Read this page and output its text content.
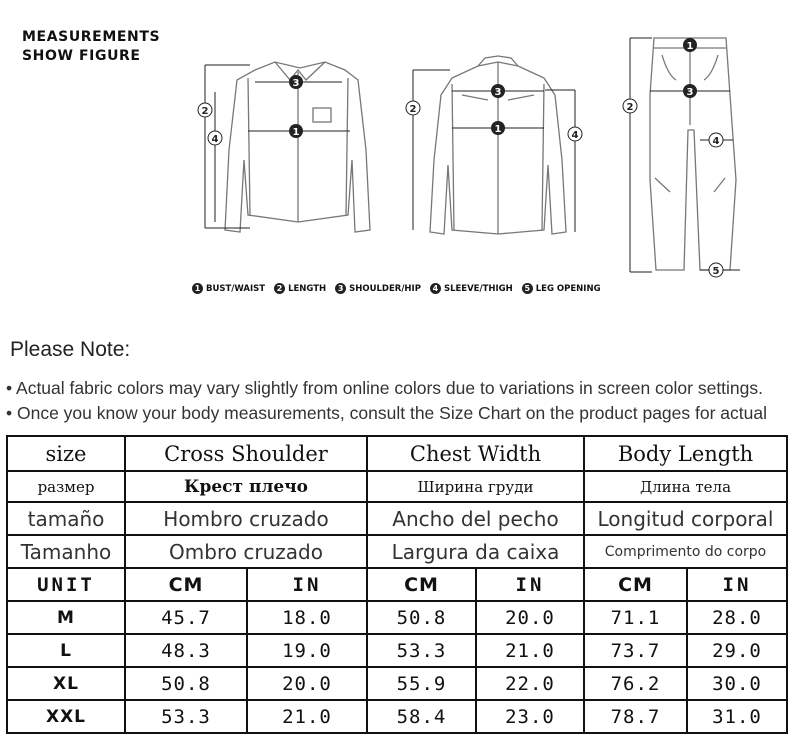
MEASUREMENTS
SHOW FIGURE
1
2
3
4
1
2
3
4
1
2
3
4
5
1 BUST/WAIST	2 LENGTH	3 SHOULDER/HIP	4 SLEEVE/THIGH	5 LEG OPENING
Please Note:
• Actual fabric colors may vary slightly from online colors due to variations in screen color settings.
• Once you know your body measurements, consult the Size Chart on the product pages for actual
size	Cross Shoulder		Chest Width		Body Length	
размер	Крест плечо		Ширина груди		Длина тела	
tamaño	Hombro cruzado		Ancho del pecho		Longitud corporal	
Tamanho	Ombro cruzado		Largura da caixa		Comprimento do corpo	
UNIT	CM	IN	CM	IN	CM	IN
M	45.7	18.0	50.8	20.0	71.1	28.0
L	48.3	19.0	53.3	21.0	73.7	29.0
XL	50.8	20.0	55.9	22.0	76.2	30.0
XXL	53.3	21.0	58.4	23.0	78.7	31.0
